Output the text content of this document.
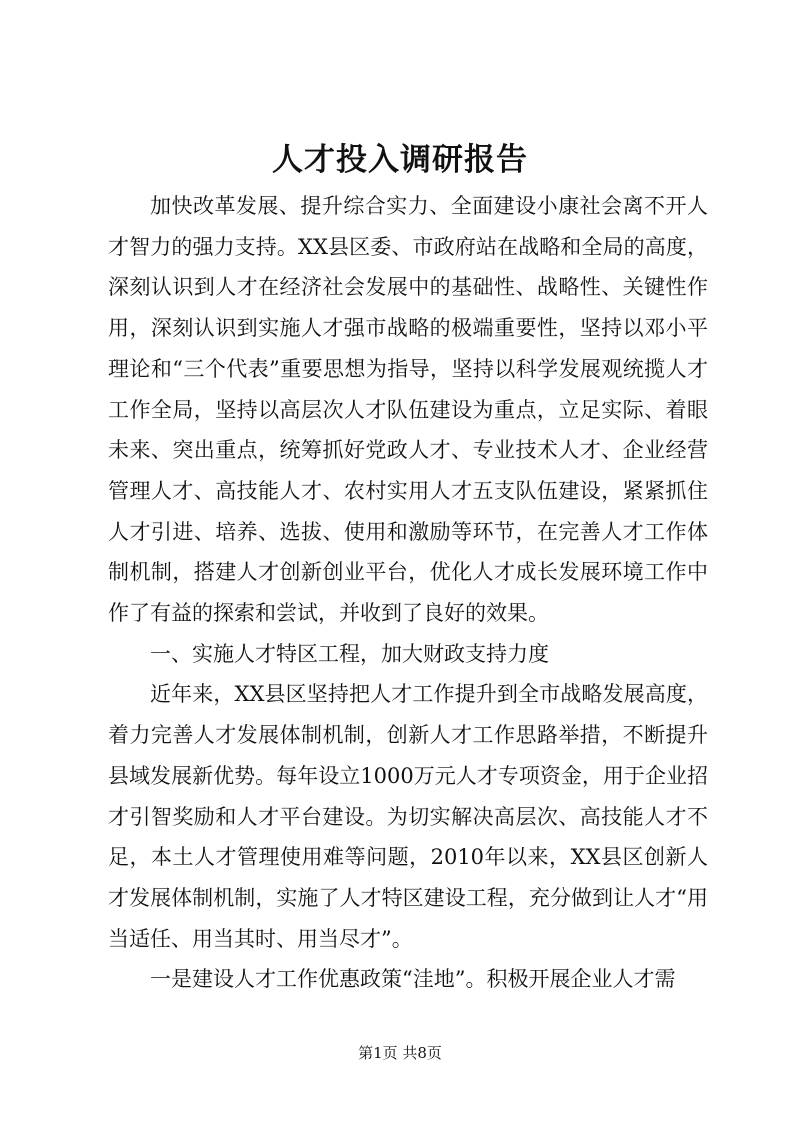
人才投入调研报告

加快改革发展、提升综合实力、全面建设小康社会离不开人才智力的强力支持。XX县区委、市政府站在战略和全局的高度，深刻认识到人才在经济社会发展中的基础性、战略性、关键性作用，深刻认识到实施人才强市战略的极端重要性，坚持以邓小平理论和“三个代表”重要思想为指导，坚持以科学发展观统揽人才工作全局，坚持以高层次人才队伍建设为重点，立足实际、着眼未来、突出重点，统筹抓好党政人才、专业技术人才、企业经营管理人才、高技能人才、农村实用人才五支队伍建设，紧紧抓住人才引进、培养、选拔、使用和激励等环节，在完善人才工作体制机制，搭建人才创新创业平台，优化人才成长发展环境工作中作了有益的探索和尝试，并收到了良好的效果。

一、实施人才特区工程，加大财政支持力度

近年来，XX县区坚持把人才工作提升到全市战略发展高度，着力完善人才发展体制机制，创新人才工作思路举措，不断提升县域发展新优势。每年设立1000万元人才专项资金，用于企业招才引智奖励和人才平台建设。为切实解决高层次、高技能人才不足，本土人才管理使用难等问题，2010年以来，XX县区创新人才发展体制机制，实施了人才特区建设工程，充分做到让人才“用当适任、用当其时、用当尽才”。

一是建设人才工作优惠政策“洼地”。积极开展企业人才需

第1页 共8页
